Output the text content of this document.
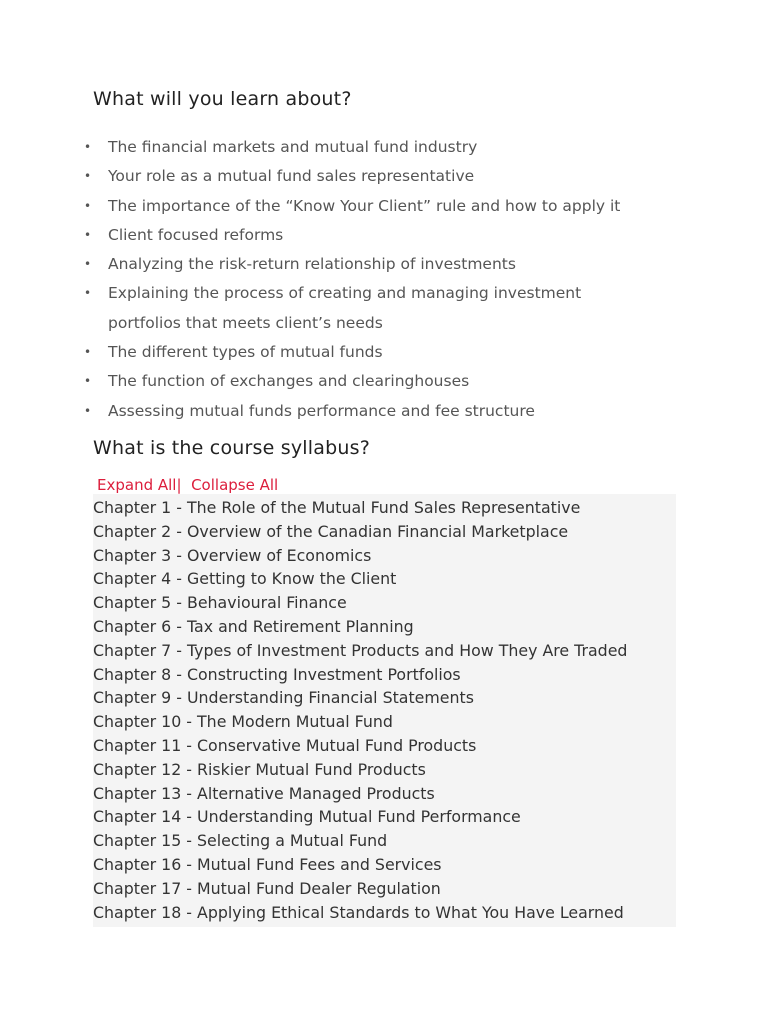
What will you learn about?
• The financial markets and mutual fund industry
• Your role as a mutual fund sales representative
• The importance of the “Know Your Client” rule and how to apply it
• Client focused reforms
• Analyzing the risk-return relationship of investments
• Explaining the process of creating and managing investment portfolios that meets client’s needs
• The different types of mutual funds
• The function of exchanges and clearinghouses
• Assessing mutual funds performance and fee structure
What is the course syllabus?
Expand All| Collapse All
Chapter 1 - The Role of the Mutual Fund Sales Representative
Chapter 2 - Overview of the Canadian Financial Marketplace
Chapter 3 - Overview of Economics
Chapter 4 - Getting to Know the Client
Chapter 5 - Behavioural Finance
Chapter 6 - Tax and Retirement Planning
Chapter 7 - Types of Investment Products and How They Are Traded
Chapter 8 - Constructing Investment Portfolios
Chapter 9 - Understanding Financial Statements
Chapter 10 - The Modern Mutual Fund
Chapter 11 - Conservative Mutual Fund Products
Chapter 12 - Riskier Mutual Fund Products
Chapter 13 - Alternative Managed Products
Chapter 14 - Understanding Mutual Fund Performance
Chapter 15 - Selecting a Mutual Fund
Chapter 16 - Mutual Fund Fees and Services
Chapter 17 - Mutual Fund Dealer Regulation
Chapter 18 - Applying Ethical Standards to What You Have Learned
